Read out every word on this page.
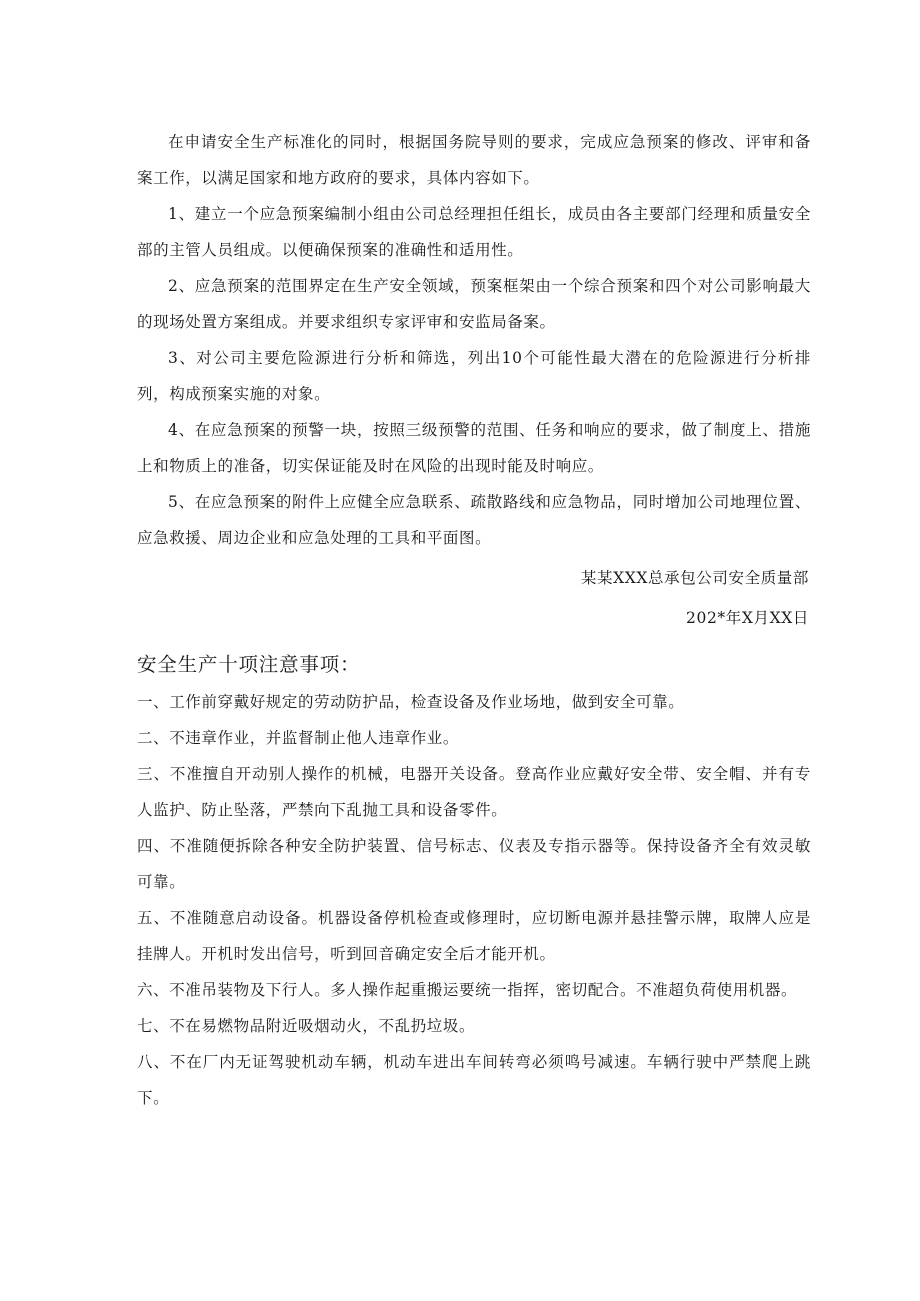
在申请安全生产标准化的同时，根据国务院导则的要求，完成应急预案的修改、评审和备案工作，以满足国家和地方政府的要求，具体内容如下。

1、建立一个应急预案编制小组由公司总经理担任组长，成员由各主要部门经理和质量安全部的主管人员组成。以便确保预案的准确性和适用性。

2、应急预案的范围界定在生产安全领域，预案框架由一个综合预案和四个对公司影响最大的现场处置方案组成。并要求组织专家评审和安监局备案。

3、对公司主要危险源进行分析和筛选，列出10个可能性最大潜在的危险源进行分析排列，构成预案实施的对象。

4、在应急预案的预警一块，按照三级预警的范围、任务和响应的要求，做了制度上、措施上和物质上的准备，切实保证能及时在风险的出现时能及时响应。

5、在应急预案的附件上应健全应急联系、疏散路线和应急物品，同时增加公司地理位置、应急救援、周边企业和应急处理的工具和平面图。

某某XXX总承包公司安全质量部

202*年X月XX日

安全生产十项注意事项：

一、工作前穿戴好规定的劳动防护品，检查设备及作业场地，做到安全可靠。

二、不违章作业，并监督制止他人违章作业。

三、不准擅自开动别人操作的机械，电器开关设备。登高作业应戴好安全带、安全帽、并有专人监护、防止坠落，严禁向下乱抛工具和设备零件。

四、不准随便拆除各种安全防护装置、信号标志、仪表及专指示器等。保持设备齐全有效灵敏可靠。

五、不准随意启动设备。机器设备停机检查或修理时，应切断电源并悬挂警示牌，取牌人应是挂牌人。开机时发出信号，听到回音确定安全后才能开机。

六、不准吊装物及下行人。多人操作起重搬运要统一指挥，密切配合。不准超负荷使用机器。

七、不在易燃物品附近吸烟动火，不乱扔垃圾。

八、不在厂内无证驾驶机动车辆，机动车进出车间转弯必须鸣号减速。车辆行驶中严禁爬上跳下。
